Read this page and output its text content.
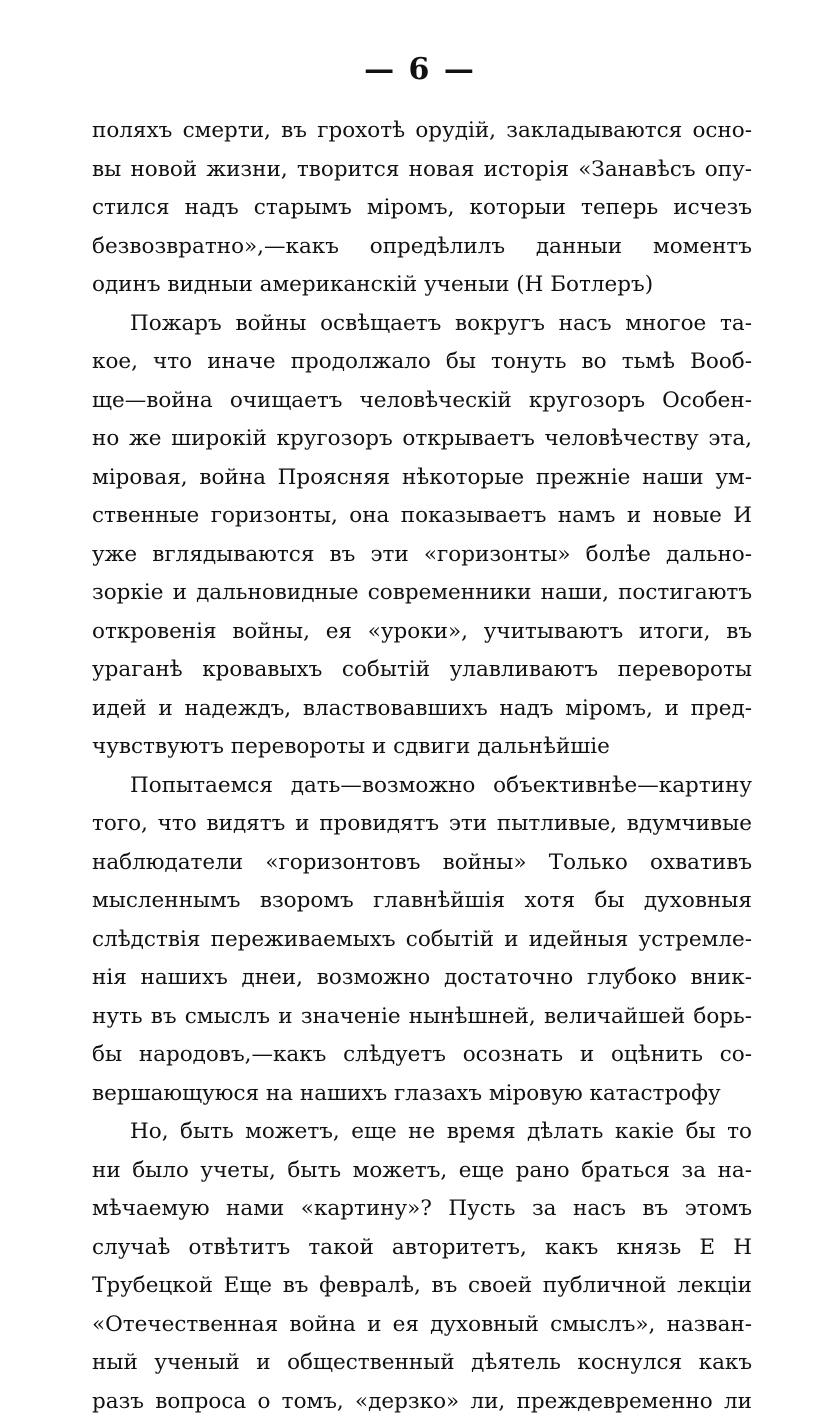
— 6 —
поляхъ смерти, въ грохотѣ орудій, закладываются осно-
вы новой жизни, творится новая исторія «Занавѣсъ опу-
стился надъ старымъ міромъ, которыи теперь исчезъ
безвозвратно»,—какъ опредѣлилъ данныи моментъ
одинъ видныи американскій ученыи (Н Ботлеръ)
Пожаръ войны освѣщаетъ вокругъ насъ многое та-
кое, что иначе продолжало бы тонуть во тьмѣ Вооб-
ще—война очищаетъ человѣческій кругозоръ Особен-
но же широкій кругозоръ открываетъ человѣчеству эта,
міровая, война Проясняя нѣкоторые прежніе наши ум-
ственные горизонты, она показываетъ намъ и новые И
уже вглядываются въ эти «горизонты» болѣе дально-
зоркіе и дальновидные современники наши, постигаютъ
откровенія войны, ея «уроки», учитываютъ итоги, въ
ураганѣ кровавыхъ событій улавливаютъ перевороты
идей и надеждъ, властвовавшихъ надъ міромъ, и пред-
чувствуютъ перевороты и сдвиги дальнѣйшіе
Попытаемся дать—возможно объективнѣе—картину
того, что видятъ и провидятъ эти пытливые, вдумчивые
наблюдатели «горизонтовъ войны» Только охвативъ
мысленнымъ взоромъ главнѣйшія хотя бы духовныя
слѣдствія переживаемыхъ событій и идейныя устремле-
нія нашихъ днеи, возможно достаточно глубоко вник-
нуть въ смыслъ и значеніе нынѣшней, величайшей борь-
бы народовъ,—какъ слѣдуетъ осознать и оцѣнить со-
вершающуюся на нашихъ глазахъ міровую катастрофу
Но, быть можетъ, еще не время дѣлать какіе бы то
ни было учеты, быть можетъ, еще рано браться за на-
мѣчаемую нами «картину»? Пусть за насъ въ этомъ
случаѣ отвѣтитъ такой авторитетъ, какъ князь Е Н
Трубецкой Еще въ февралѣ, въ своей публичной лекціи
«Отечественная война и ея духовный смыслъ», назван-
ный ученый и общественный дѣятель коснулся какъ
разъ вопроса о томъ, «дерзко» ли, преждевременно ли
